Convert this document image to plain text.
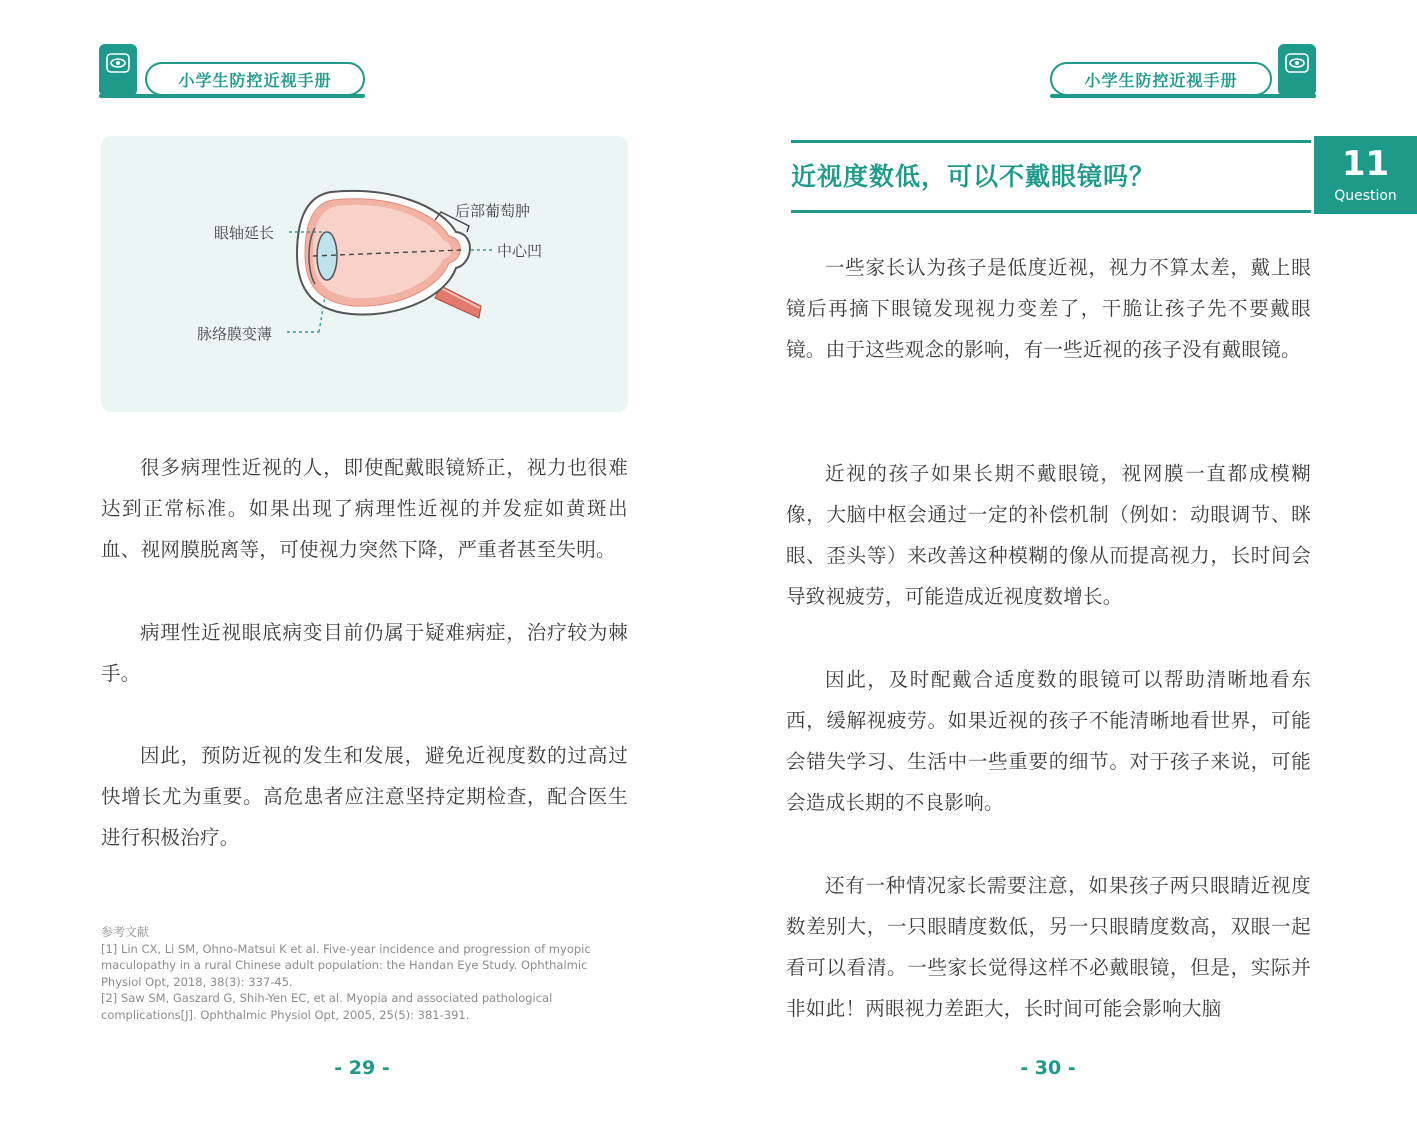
小学生防控近视手册
眼轴延长
后部葡萄肿
中心凹
脉络膜变薄
很多病理性近视的人，即使配戴眼镜矫正，视力也很难达到正常标准。如果出现了病理性近视的并发症如黄斑出血、视网膜脱离等，可使视力突然下降，严重者甚至失明。
病理性近视眼底病变目前仍属于疑难病症，治疗较为棘手。
因此，预防近视的发生和发展，避免近视度数的过高过快增长尤为重要。高危患者应注意坚持定期检查，配合医生进行积极治疗。
参考文献
[1] Lin CX, Li SM, Ohno-Matsui K et al. Five-year incidence and progression of myopic maculopathy in a rural Chinese adult population: the Handan Eye Study. Ophthalmic Physiol Opt, 2018, 38(3): 337-45.
[2] Saw SM, Gaszard G, Shih-Yen EC, et al. Myopia and associated pathological complications[J]. Ophthalmic Physiol Opt, 2005, 25(5): 381-391.
- 29 -
小学生防控近视手册
近视度数低，可以不戴眼镜吗？	11
Question
一些家长认为孩子是低度近视，视力不算太差，戴上眼镜后再摘下眼镜发现视力变差了，干脆让孩子先不要戴眼镜。由于这些观念的影响，有一些近视的孩子没有戴眼镜。
近视的孩子如果长期不戴眼镜，视网膜一直都成模糊像，大脑中枢会通过一定的补偿机制（例如：动眼调节、眯眼、歪头等）来改善这种模糊的像从而提高视力，长时间会导致视疲劳，可能造成近视度数增长。
因此，及时配戴合适度数的眼镜可以帮助清晰地看东西，缓解视疲劳。如果近视的孩子不能清晰地看世界，可能会错失学习、生活中一些重要的细节。对于孩子来说，可能会造成长期的不良影响。
还有一种情况家长需要注意，如果孩子两只眼睛近视度数差别大，一只眼睛度数低，另一只眼睛度数高，双眼一起看可以看清。一些家长觉得这样不必戴眼镜，但是，实际并非如此！两眼视力差距大，长时间可能会影响大脑
- 30 -
